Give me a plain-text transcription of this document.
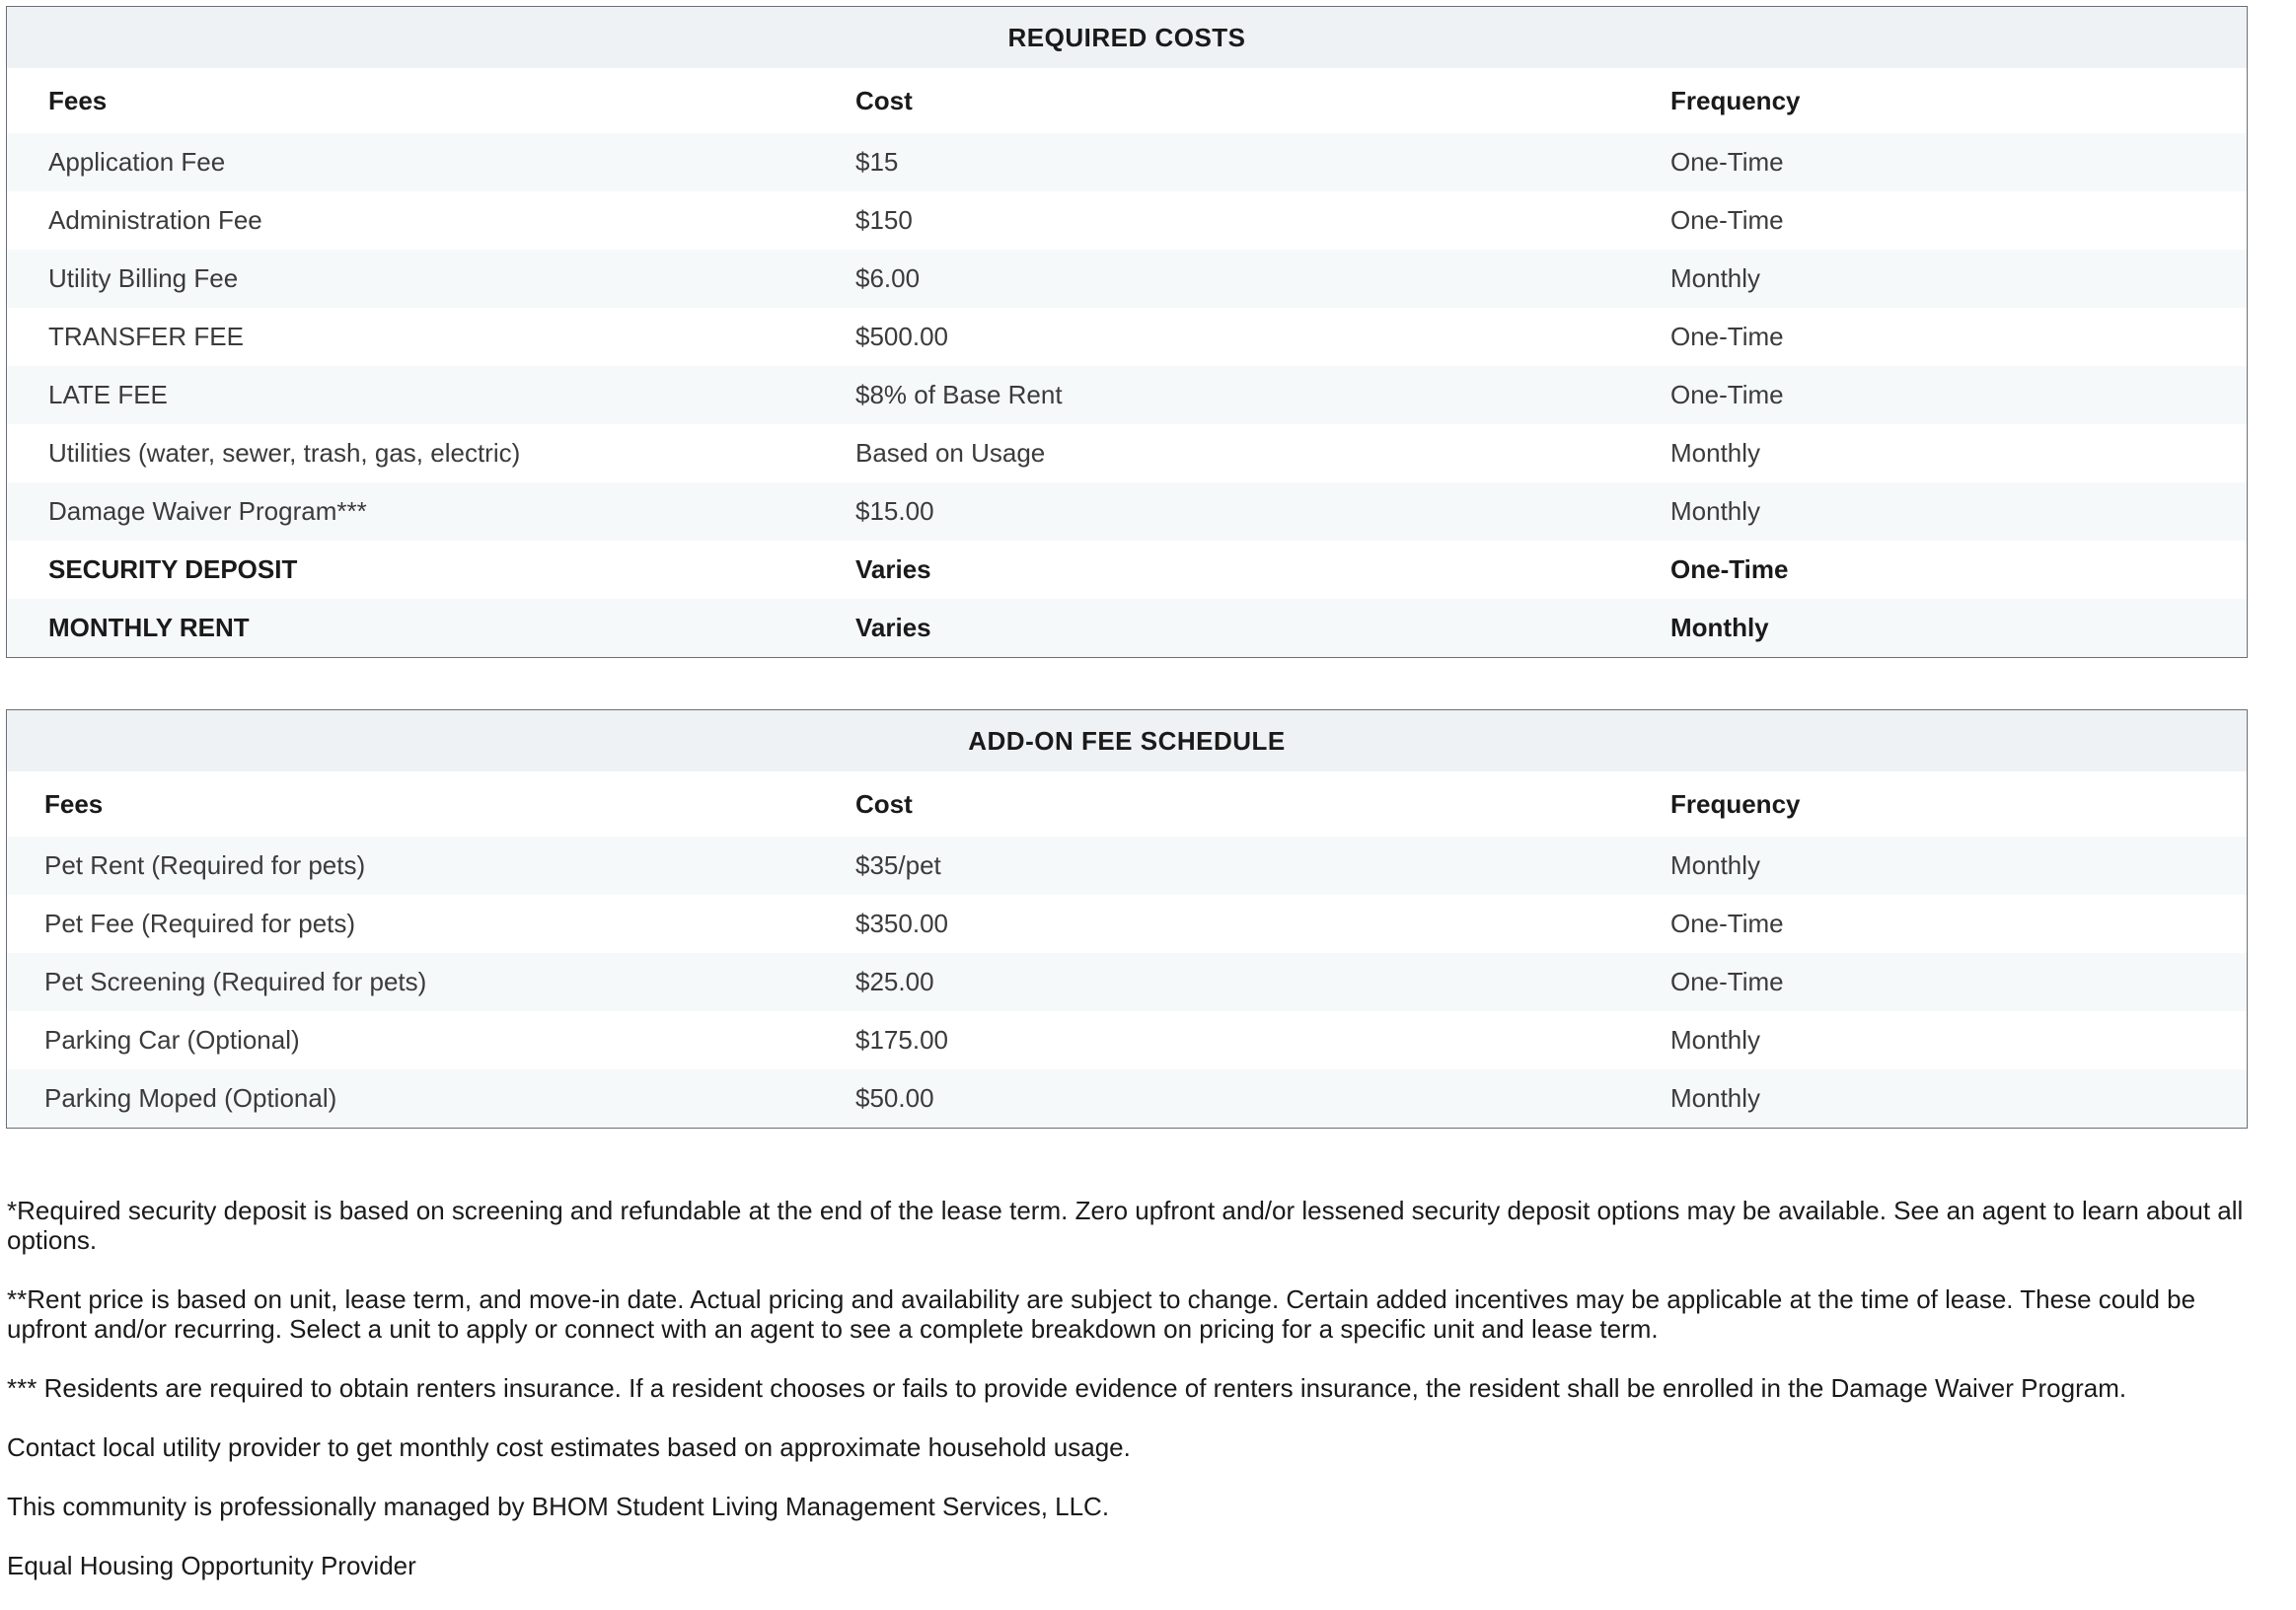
REQUIRED COSTS
Fees	Cost	Frequency
Application Fee	$15	One-Time
Administration Fee	$150	One-Time
Utility Billing Fee	$6.00	Monthly
TRANSFER FEE	$500.00	One-Time
LATE FEE	$8% of Base Rent	One-Time
Utilities (water, sewer, trash, gas, electric)	Based on Usage	Monthly
Damage Waiver Program***	$15.00	Monthly
SECURITY DEPOSIT	Varies	One-Time
MONTHLY RENT	Varies	Monthly
ADD-ON FEE SCHEDULE
Fees	Cost	Frequency
Pet Rent (Required for pets)	$35/pet	Monthly
Pet Fee (Required for pets)	$350.00	One-Time
Pet Screening (Required for pets)	$25.00	One-Time
Parking Car (Optional)	$175.00	Monthly
Parking Moped (Optional)	$50.00	Monthly

*Required security deposit is based on screening and refundable at the end of the lease term. Zero upfront and/or lessened security deposit options may be available. See an agent to learn about all options.

**Rent price is based on unit, lease term, and move-in date. Actual pricing and availability are subject to change. Certain added incentives may be applicable at the time of lease. These could be upfront and/or recurring. Select a unit to apply or connect with an agent to see a complete breakdown on pricing for a specific unit and lease term.

*** Residents are required to obtain renters insurance. If a resident chooses or fails to provide evidence of renters insurance, the resident shall be enrolled in the Damage Waiver Program.

Contact local utility provider to get monthly cost estimates based on approximate household usage.

This community is professionally managed by BHOM Student Living Management Services, LLC.

Equal Housing Opportunity Provider
